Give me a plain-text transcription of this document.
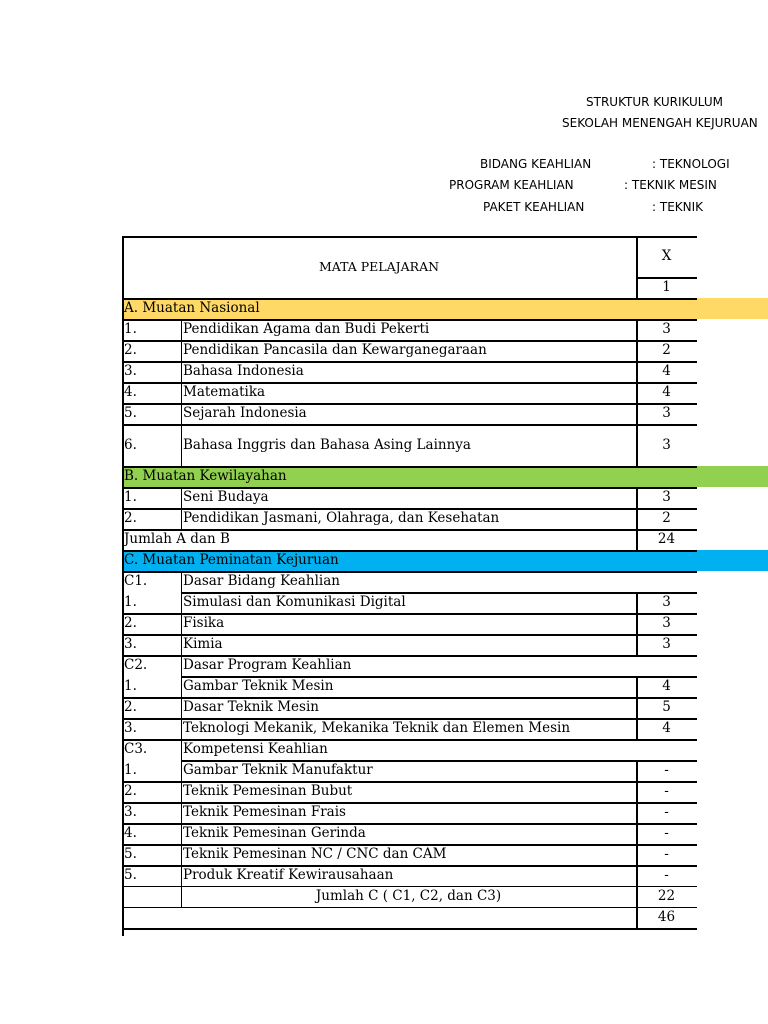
STRUKTUR KURIKULUM
SEKOLAH MENENGAH KEJURUAN
BIDANG KEAHLIAN	: TEKNOLOGI
PROGRAM KEAHLIAN	: TEKNIK MESIN
PAKET KEAHLIAN	: TEKNIK
MATA PELAJARAN
X
1
A. Muatan Nasional
1.	Pendidikan Agama dan Budi Pekerti	3
2.	Pendidikan Pancasila dan Kewarganegaraan	2
3.	Bahasa Indonesia	4
4.	Matematika	4
5.	Sejarah Indonesia	3
6.	Bahasa Inggris dan Bahasa Asing Lainnya	3
B. Muatan Kewilayahan
1.	Seni Budaya	3
2.	Pendidikan Jasmani, Olahraga, dan Kesehatan	2
Jumlah A dan B	24
C. Muatan Peminatan Kejuruan
C1.	Dasar Bidang Keahlian
1.	Simulasi dan Komunikasi Digital	3
2.	Fisika	3
3.	Kimia	3
C2.	Dasar Program Keahlian
1.	Gambar Teknik Mesin	4
2.	Dasar Teknik Mesin	5
3.	Teknologi Mekanik, Mekanika Teknik dan Elemen Mesin	4
C3.	Kompetensi Keahlian
1.	Gambar Teknik Manufaktur	-
2.	Teknik Pemesinan Bubut	-
3.	Teknik Pemesinan Frais	-
4.	Teknik Pemesinan Gerinda	-
5.	Teknik Pemesinan NC / CNC dan CAM	-
5.	Produk Kreatif Kewirausahaan	-
Jumlah C ( C1, C2, dan C3)	22
46
